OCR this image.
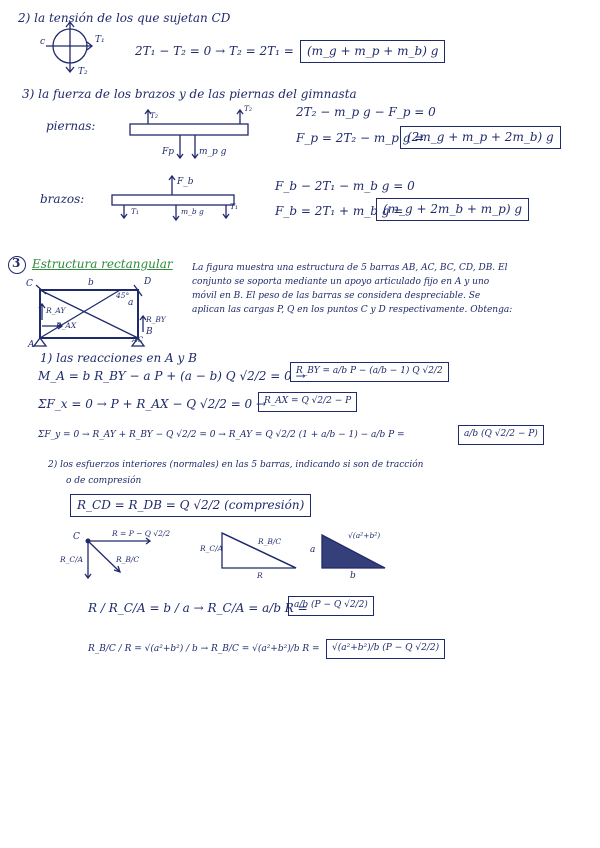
2) la tensión de los que sujetan CD
T₁
T₂
c
2T₁ − T₂ = 0 → T₂ = 2T₁ =	(m_g + m_p + m_b) g
3) la fuerza de los brazos y de las piernas del gimnasta
piernas:
T₂
T₂
Fp	m_p g
2T₂ − m_p g − F_p = 0
F_p = 2T₂ − m_p g =
(2m_g + m_p + 2m_b) g
brazos:
F_b
T₁	m_b g
T₁
F_b − 2T₁ − m_b g = 0
F_b = 2T₁ + m_b g =
(m_g + 2m_b + m_p) g
3 Estructura rectangular La figura muestra una estructura de 5 barras AB, AC, BC, CD, DB. El
conjunto se soporta mediante un apoyo articulado fijo en A y uno
móvil en B. El peso de las barras se considera despreciable. Se
aplican las cargas P, Q en los puntos C y D respectivamente. Obtenga:
C	b	D
45°
a
R_AY
R_AX
R_BY
A
B
AC
1) las reacciones en A y B
M_A = b R_BY − a P + (a − b) Q √2/2 = 0 →
R_BY = a/b P − (a/b − 1) Q √2/2
ΣF_x = 0 → P + R_AX − Q √2/2 = 0 →
R_AX = Q √2/2 − P
ΣF_y = 0 → R_AY + R_BY − Q √2/2 = 0 → R_AY = Q √2/2 (1 + a/b − 1) − a/b P =	a/b (Q √2/2 − P)
2) los esfuerzos interiores (normales) en las 5 barras, indicando si son de tracción
o de compresión
R_CD = R_DB = Q √2/2 (compresión)
C	R = P − Q √2/2
R_C/A	R_B/C
R_C/A
R_B/C
R
a
b
√(a²+b²)
R / R_C/A = b / a → R_C/A = a/b R =
a/b (P − Q √2/2)
R_B/C / R = √(a²+b²) / b → R_B/C = √(a²+b²)/b R =	√(a²+b²)/b (P − Q √2/2)
